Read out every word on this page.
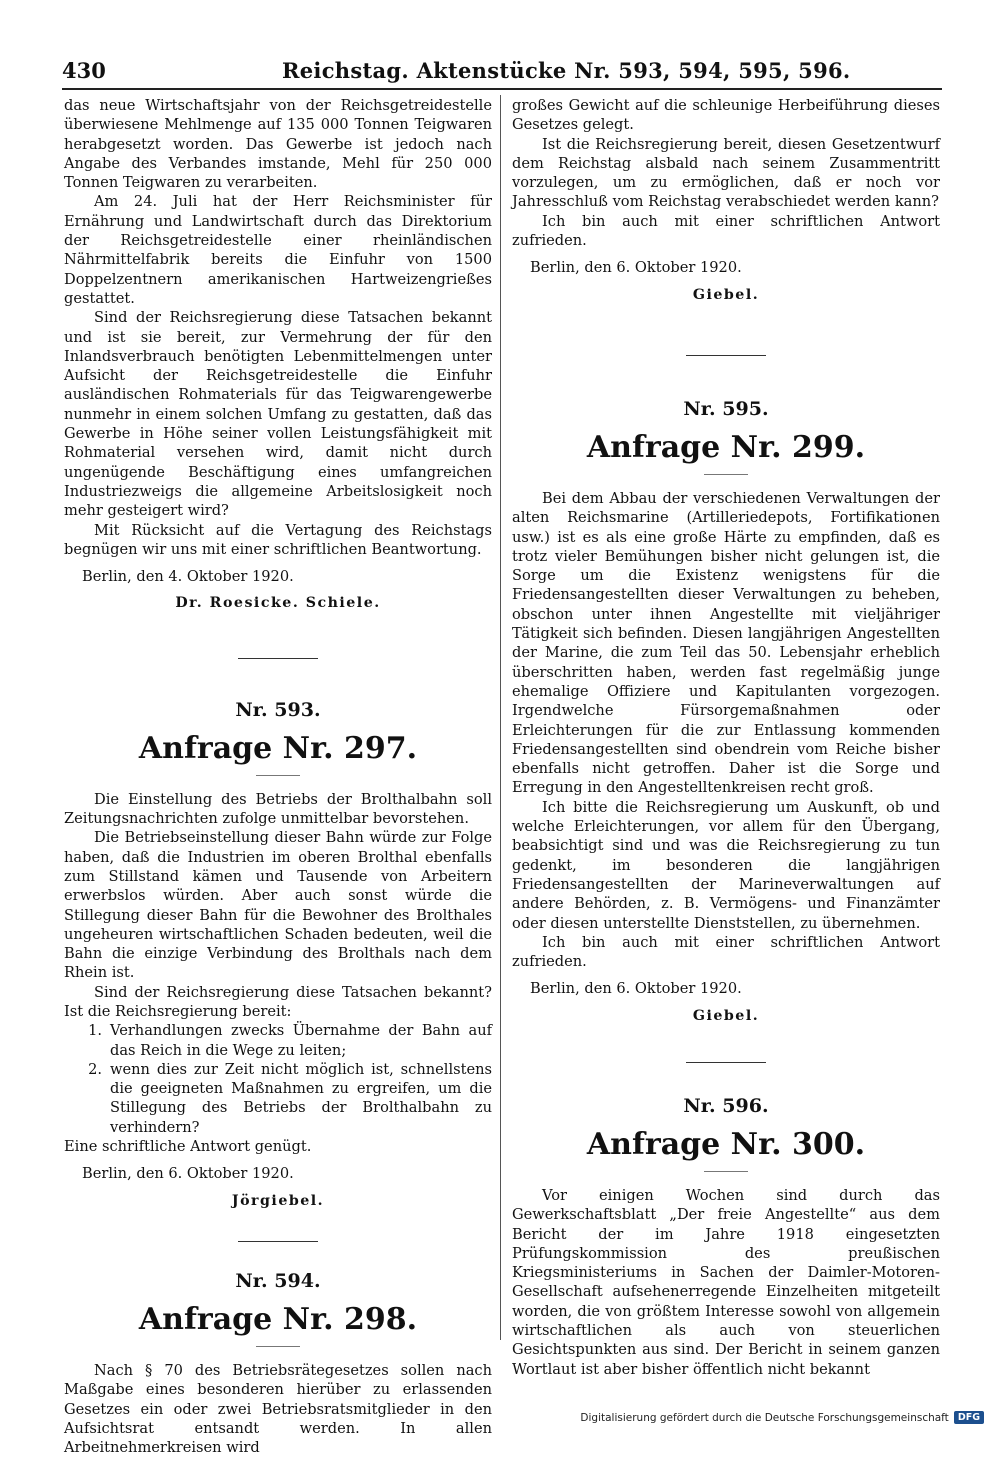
430	Reichstag. Aktenstücke Nr. 593, 594, 595, 596.

das neue Wirtschaftsjahr von der Reichsgetreidestelle überwiesene Mehlmenge auf 135 000 Tonnen Teigwaren herabgesetzt worden. Das Gewerbe ist jedoch nach Angabe des Verbandes imstande, Mehl für 250 000 Tonnen Teigwaren zu verarbeiten.

Am 24. Juli hat der Herr Reichsminister für Ernährung und Landwirtschaft durch das Direktorium der Reichsgetreidestelle einer rheinländischen Nährmittelfabrik bereits die Einfuhr von 1500 Doppelzentnern amerikanischen Hartweizengrießes gestattet.

Sind der Reichsregierung diese Tatsachen bekannt und ist sie bereit, zur Vermehrung der für den Inlandsverbrauch benötigten Lebenmittelmengen unter Aufsicht der Reichsgetreidestelle die Einfuhr ausländischen Rohmaterials für das Teigwarengewerbe nunmehr in einem solchen Umfang zu gestatten, daß das Gewerbe in Höhe seiner vollen Leistungsfähigkeit mit Rohmaterial versehen wird, damit nicht durch ungenügende Beschäftigung eines umfangreichen Industriezweigs die allgemeine Arbeitslosigkeit noch mehr gesteigert wird?

Mit Rücksicht auf die Vertagung des Reichstags begnügen wir uns mit einer schriftlichen Beantwortung.

Berlin, den 4. Oktober 1920.

Dr. Roesicke. Schiele.

Nr. 593.

Anfrage Nr. 297.

Die Einstellung des Betriebs der Brolthalbahn soll Zeitungsnachrichten zufolge unmittelbar bevorstehen.

Die Betriebseinstellung dieser Bahn würde zur Folge haben, daß die Industrien im oberen Brolthal ebenfalls zum Stillstand kämen und Tausende von Arbeitern erwerbslos würden. Aber auch sonst würde die Stillegung dieser Bahn für die Bewohner des Brolthales ungeheuren wirtschaftlichen Schaden bedeuten, weil die Bahn die einzige Verbindung des Brolthals nach dem Rhein ist.

Sind der Reichsregierung diese Tatsachen bekannt? Ist die Reichsregierung bereit:

1. Verhandlungen zwecks Übernahme der Bahn auf das Reich in die Wege zu leiten;
2. wenn dies zur Zeit nicht möglich ist, schnellstens die geeigneten Maßnahmen zu ergreifen, um die Stillegung des Betriebs der Brolthalbahn zu verhindern?

Eine schriftliche Antwort genügt.

Berlin, den 6. Oktober 1920.

Jörgiebel.

Nr. 594.

Anfrage Nr. 298.

Nach § 70 des Betriebsrätegesetzes sollen nach Maßgabe eines besonderen hierüber zu erlassenden Gesetzes ein oder zwei Betriebsratsmitglieder in den Aufsichtsrat entsandt werden. In allen Arbeitnehmerkreisen wird

großes Gewicht auf die schleunige Herbeiführung dieses Gesetzes gelegt.

Ist die Reichsregierung bereit, diesen Gesetzentwurf dem Reichstag alsbald nach seinem Zusammentritt vorzulegen, um zu ermöglichen, daß er noch vor Jahresschluß vom Reichstag verabschiedet werden kann?

Ich bin auch mit einer schriftlichen Antwort zufrieden.

Berlin, den 6. Oktober 1920.

Giebel.

Nr. 595.

Anfrage Nr. 299.

Bei dem Abbau der verschiedenen Verwaltungen der alten Reichsmarine (Artilleriedepots, Fortifikationen usw.) ist es als eine große Härte zu empfinden, daß es trotz vieler Bemühungen bisher nicht gelungen ist, die Sorge um die Existenz wenigstens für die Friedensangestellten dieser Verwaltungen zu beheben, obschon unter ihnen Angestellte mit vieljähriger Tätigkeit sich befinden. Diesen langjährigen Angestellten der Marine, die zum Teil das 50. Lebensjahr erheblich überschritten haben, werden fast regelmäßig junge ehemalige Offiziere und Kapitulanten vorgezogen. Irgendwelche Fürsorgemaßnahmen oder Erleichterungen für die zur Entlassung kommenden Friedensangestellten sind obendrein vom Reiche bisher ebenfalls nicht getroffen. Daher ist die Sorge und Erregung in den Angestelltenkreisen recht groß.

Ich bitte die Reichsregierung um Auskunft, ob und welche Erleichterungen, vor allem für den Übergang, beabsichtigt sind und was die Reichsregierung zu tun gedenkt, im besonderen die langjährigen Friedensangestellten der Marineverwaltungen auf andere Behörden, z. B. Vermögens- und Finanzämter oder diesen unterstellte Dienststellen, zu übernehmen.

Ich bin auch mit einer schriftlichen Antwort zufrieden.

Berlin, den 6. Oktober 1920.

Giebel.

Nr. 596.

Anfrage Nr. 300.

Vor einigen Wochen sind durch das Gewerkschaftsblatt „Der freie Angestellte“ aus dem Bericht der im Jahre 1918 eingesetzten Prüfungskommission des preußischen Kriegsministeriums in Sachen der Daimler-Motoren-Gesellschaft aufsehenerregende Einzelheiten mitgeteilt worden, die von größtem Interesse sowohl von allgemein wirtschaftlichen als auch von steuerlichen Gesichtspunkten aus sind. Der Bericht in seinem ganzen Wortlaut ist aber bisher öffentlich nicht bekannt

Digitalisierung gefördert durch die Deutsche Forschungsgemeinschaft DFG
